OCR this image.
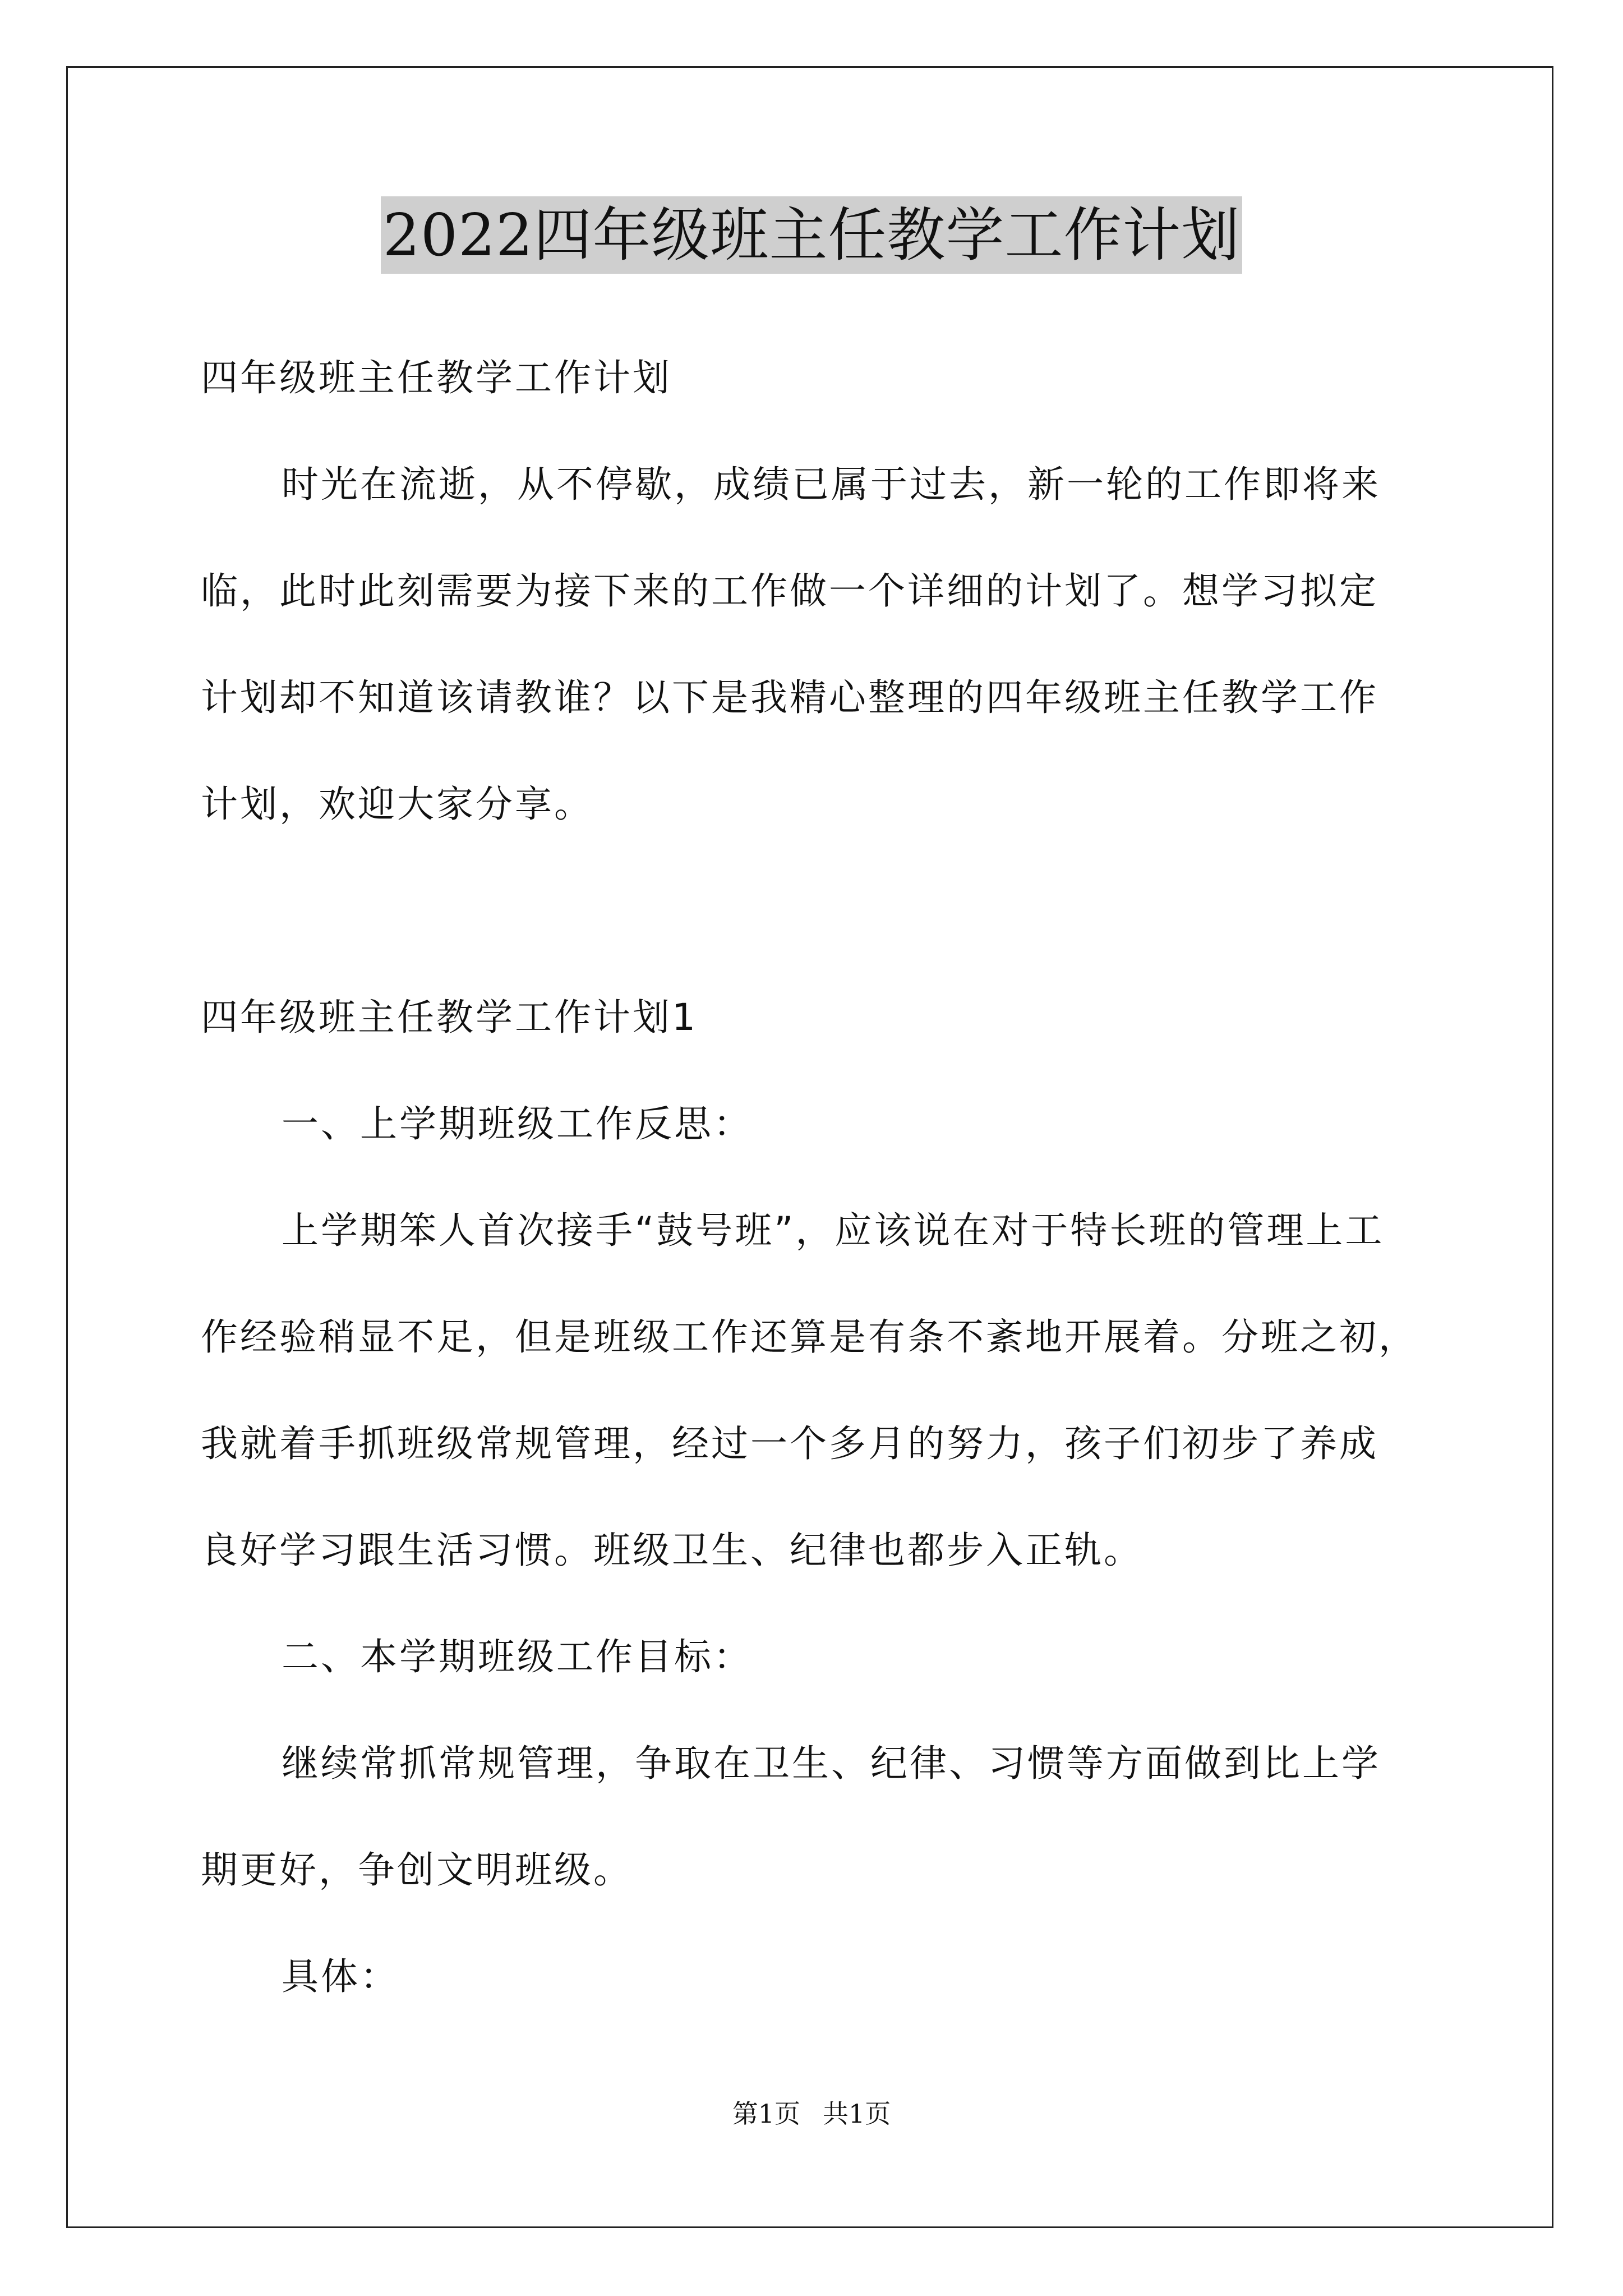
2022四年级班主任教学工作计划
四年级班主任教学工作计划
时光在流逝，从不停歇，成绩已属于过去，新一轮的工作即将来
临，此时此刻需要为接下来的工作做一个详细的计划了。想学习拟定
计划却不知道该请教谁？以下是我精心整理的四年级班主任教学工作
计划，欢迎大家分享。
四年级班主任教学工作计划1
一、上学期班级工作反思：
上学期笨人首次接手“鼓号班”，应该说在对于特长班的管理上工
作经验稍显不足，但是班级工作还算是有条不紊地开展着。分班之初，
我就着手抓班级常规管理，经过一个多月的努力，孩子们初步了养成
良好学习跟生活习惯。班级卫生、纪律也都步入正轨。
二、本学期班级工作目标：
继续常抓常规管理，争取在卫生、纪律、习惯等方面做到比上学
期更好，争创文明班级。
具体：
第1页 共1页
